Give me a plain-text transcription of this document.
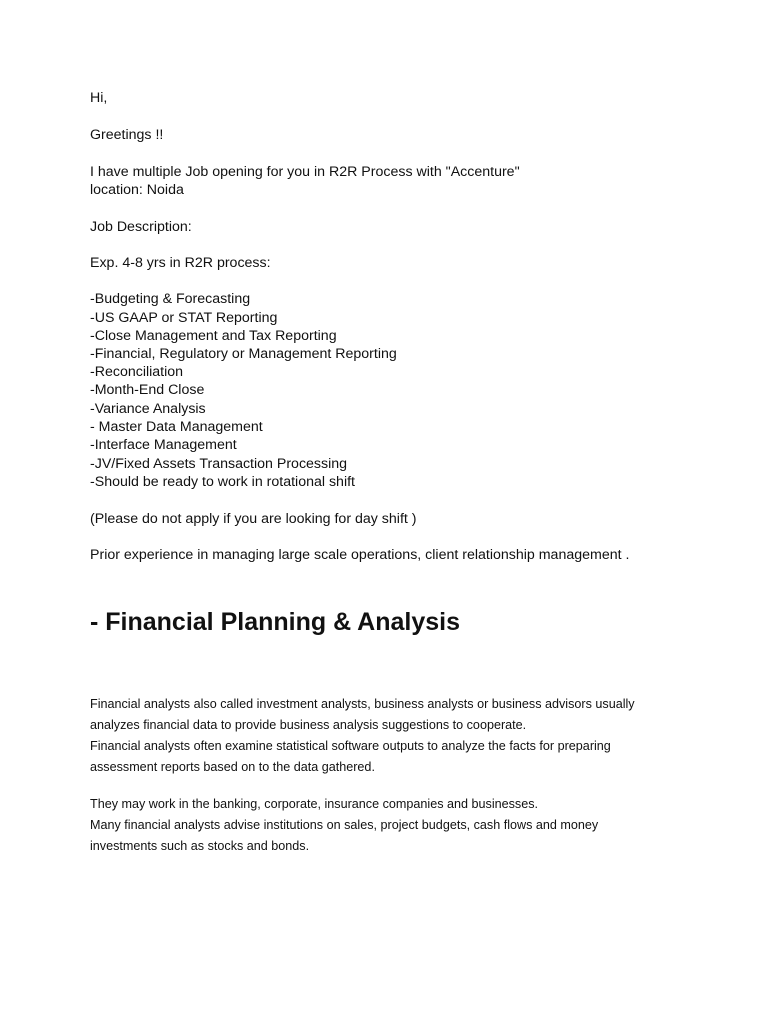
Hi,
Greetings !!
I have multiple Job opening for you in R2R Process with "Accenture"
location: Noida
Job Description:
Exp. 4-8 yrs in R2R process:
-Budgeting & Forecasting
-US GAAP or STAT Reporting
-Close Management and Tax Reporting
-Financial, Regulatory or Management Reporting
-Reconciliation
-Month-End Close
-Variance Analysis
- Master Data Management
-Interface Management
-JV/Fixed Assets Transaction Processing
-Should be ready to work in rotational shift
(Please do not apply if you are looking for day shift )
Prior experience in managing large scale operations, client relationship management .
- Financial Planning & Analysis
Financial analysts also called investment analysts, business analysts or business advisors usually
analyzes financial data to provide business analysis suggestions to cooperate.
Financial analysts often examine statistical software outputs to analyze the facts for preparing
assessment reports based on to the data gathered.
They may work in the banking, corporate, insurance companies and businesses.
Many financial analysts advise institutions on sales, project budgets, cash flows and money
investments such as stocks and bonds.
